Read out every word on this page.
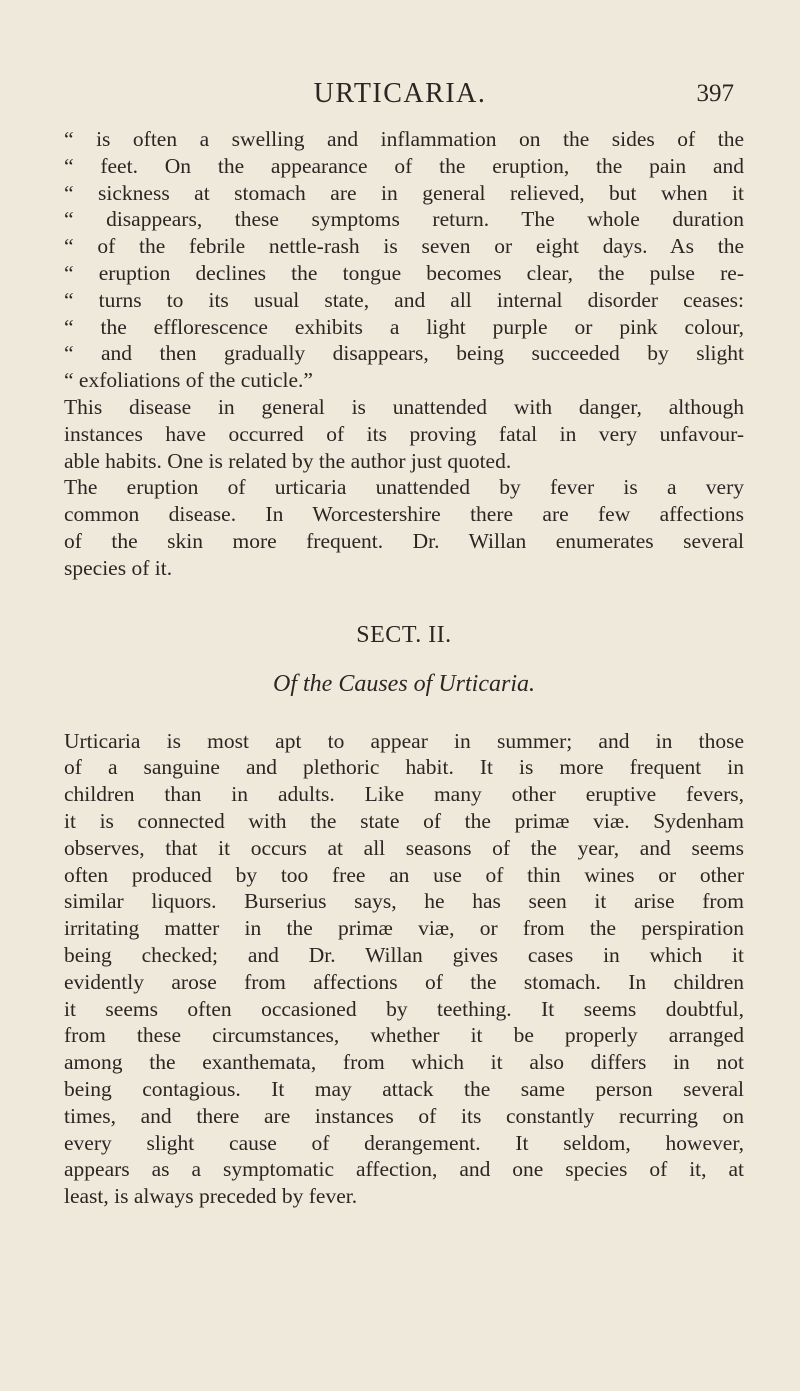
URTICARIA.	397
“ is often a swelling and inflammation on the sides of the
“ feet. On the appearance of the eruption, the pain and
“ sickness at stomach are in general relieved, but when it
“ disappears, these symptoms return. The whole duration
“ of the febrile nettle-rash is seven or eight days. As the
“ eruption declines the tongue becomes clear, the pulse re-
“ turns to its usual state, and all internal disorder ceases:
“ the efflorescence exhibits a light purple or pink colour,
“ and then gradually disappears, being succeeded by slight
“ exfoliations of the cuticle.”
This disease in general is unattended with danger, although
instances have occurred of its proving fatal in very unfavour-
able habits. One is related by the author just quoted.
The eruption of urticaria unattended by fever is a very
common disease. In Worcestershire there are few affections
of the skin more frequent. Dr. Willan enumerates several
species of it.
SECT. II.
Of the Causes of Urticaria.
Urticaria is most apt to appear in summer; and in those
of a sanguine and plethoric habit. It is more frequent in
children than in adults. Like many other eruptive fevers,
it is connected with the state of the primæ viæ. Sydenham
observes, that it occurs at all seasons of the year, and seems
often produced by too free an use of thin wines or other
similar liquors. Burserius says, he has seen it arise from
irritating matter in the primæ viæ, or from the perspiration
being checked; and Dr. Willan gives cases in which it
evidently arose from affections of the stomach. In children
it seems often occasioned by teething. It seems doubtful,
from these circumstances, whether it be properly arranged
among the exanthemata, from which it also differs in not
being contagious. It may attack the same person several
times, and there are instances of its constantly recurring on
every slight cause of derangement. It seldom, however,
appears as a symptomatic affection, and one species of it, at
least, is always preceded by fever.
